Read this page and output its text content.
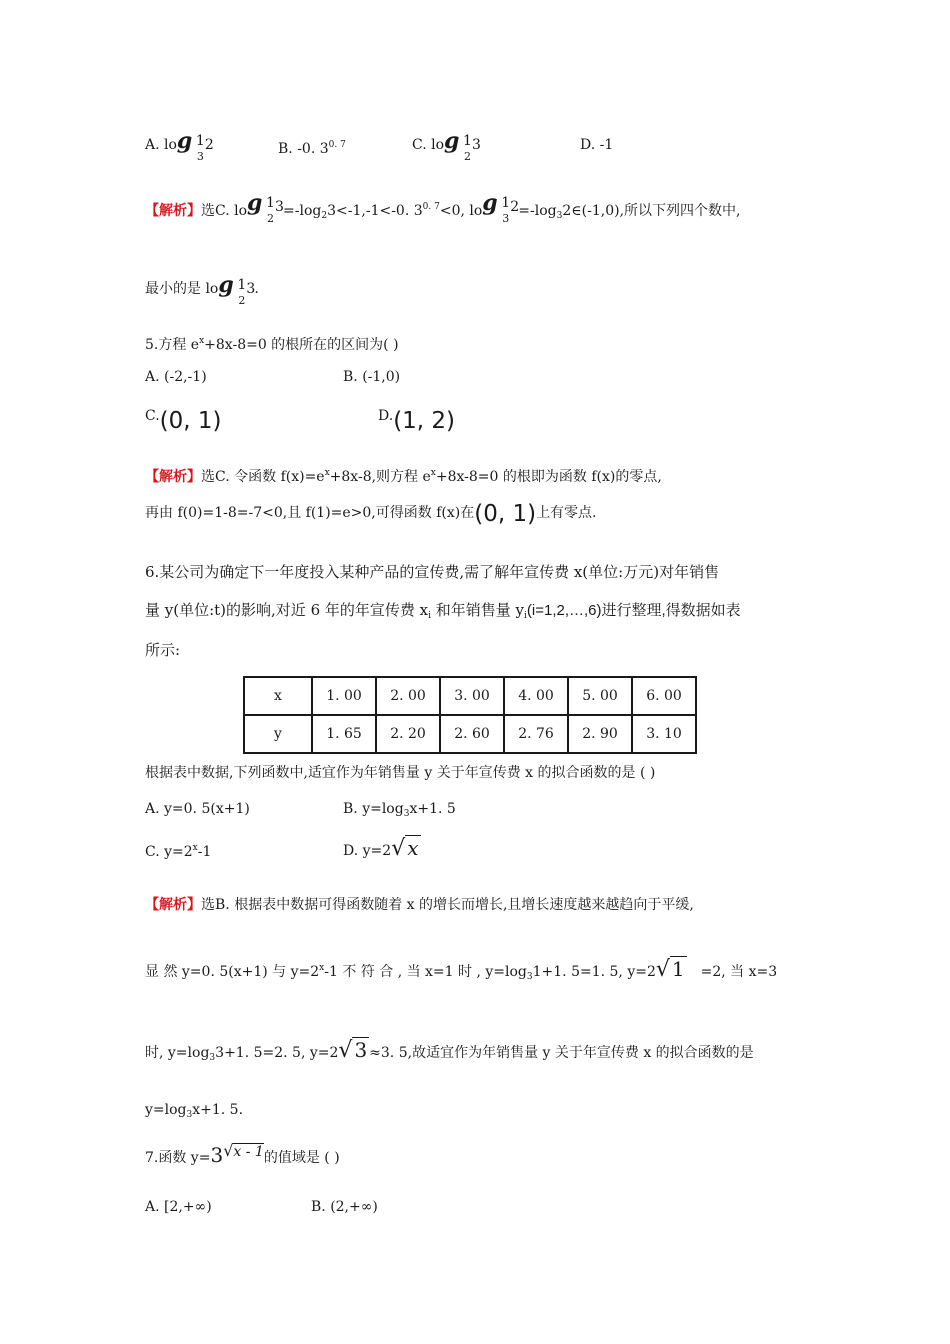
A. lo g 1 2
3	B. -0. $3^{0. 7}$	C. lo g 1 3
2
D. -1
【解析】选C. lo g 1 3
$2 =-\log_23<-1,-1<-0$. $3^{0. 7}<0$, lo g 1 2
$3 =-\log_32\in(-1,0)$,所以下列四个数中,
最小的是 lo g 1 3
2
.
5.方程 $e^x+8x-8=0$ 的根所在的区间为( )
A. (-2,-1)	B. (-1,0)
C.(0, 1)	D.(1, 2)
【解析】选C. 令函数 $f(x)=e^x+8x-8$,则方程 $e^x+8x-8=0$ 的根即为函数 f(x)的零点,
再由 f(0)=1-8=-7<0,且 f(1)=e>0,可得函数 f(x)在(0, 1)上有零点.
6.某公司为确定下一年度投入某种产品的宣传费,需了解年宣传费 x(单位:万元)对年销售
量 y(单位:t)的影响,对近 6 年的年宣传费 $x_i$ 和年销售量 $y_i(i=1,2,\dots,6)$进行整理,得数据如表
所示:
x	1. 00	2. 00	3. 00	4. 00	5. 00	6. 00
y	1. 65	2. 20	2. 60	2. 76	2. 90	3. 10
根据表中数据,下列函数中,适宜作为年销售量 y 关于年宣传费 x 的拟合函数的是 ( )
A. y=0. 5(x+1)	B. $y=\log_3x+1$. 5
C. $y=2^x-1$	D. y=2√ x
【解析】选B. 根据表中数据可得函数随着 x 的增长而增长,且增长速度越来越趋向于平缓,
显 然 y=0. 5(x+1) 与 $y=2^x-1$ 不 符 合 , 当 x=1 时 , $y=\log_31+1$. 5=1. 5, y=2√ 1 =2, 当 x=3
时, $y=\log_33+1$. 5=2. 5, y=2√ 3 ≈3. 5,故适宜作为年销售量 y 关于年宣传费 x 的拟合函数的是
$y=\log_3x+1$. 5.
7.函数 y=3√x - 1的值域是 ( )
A. [2,+∞)	B. (2,+∞)
